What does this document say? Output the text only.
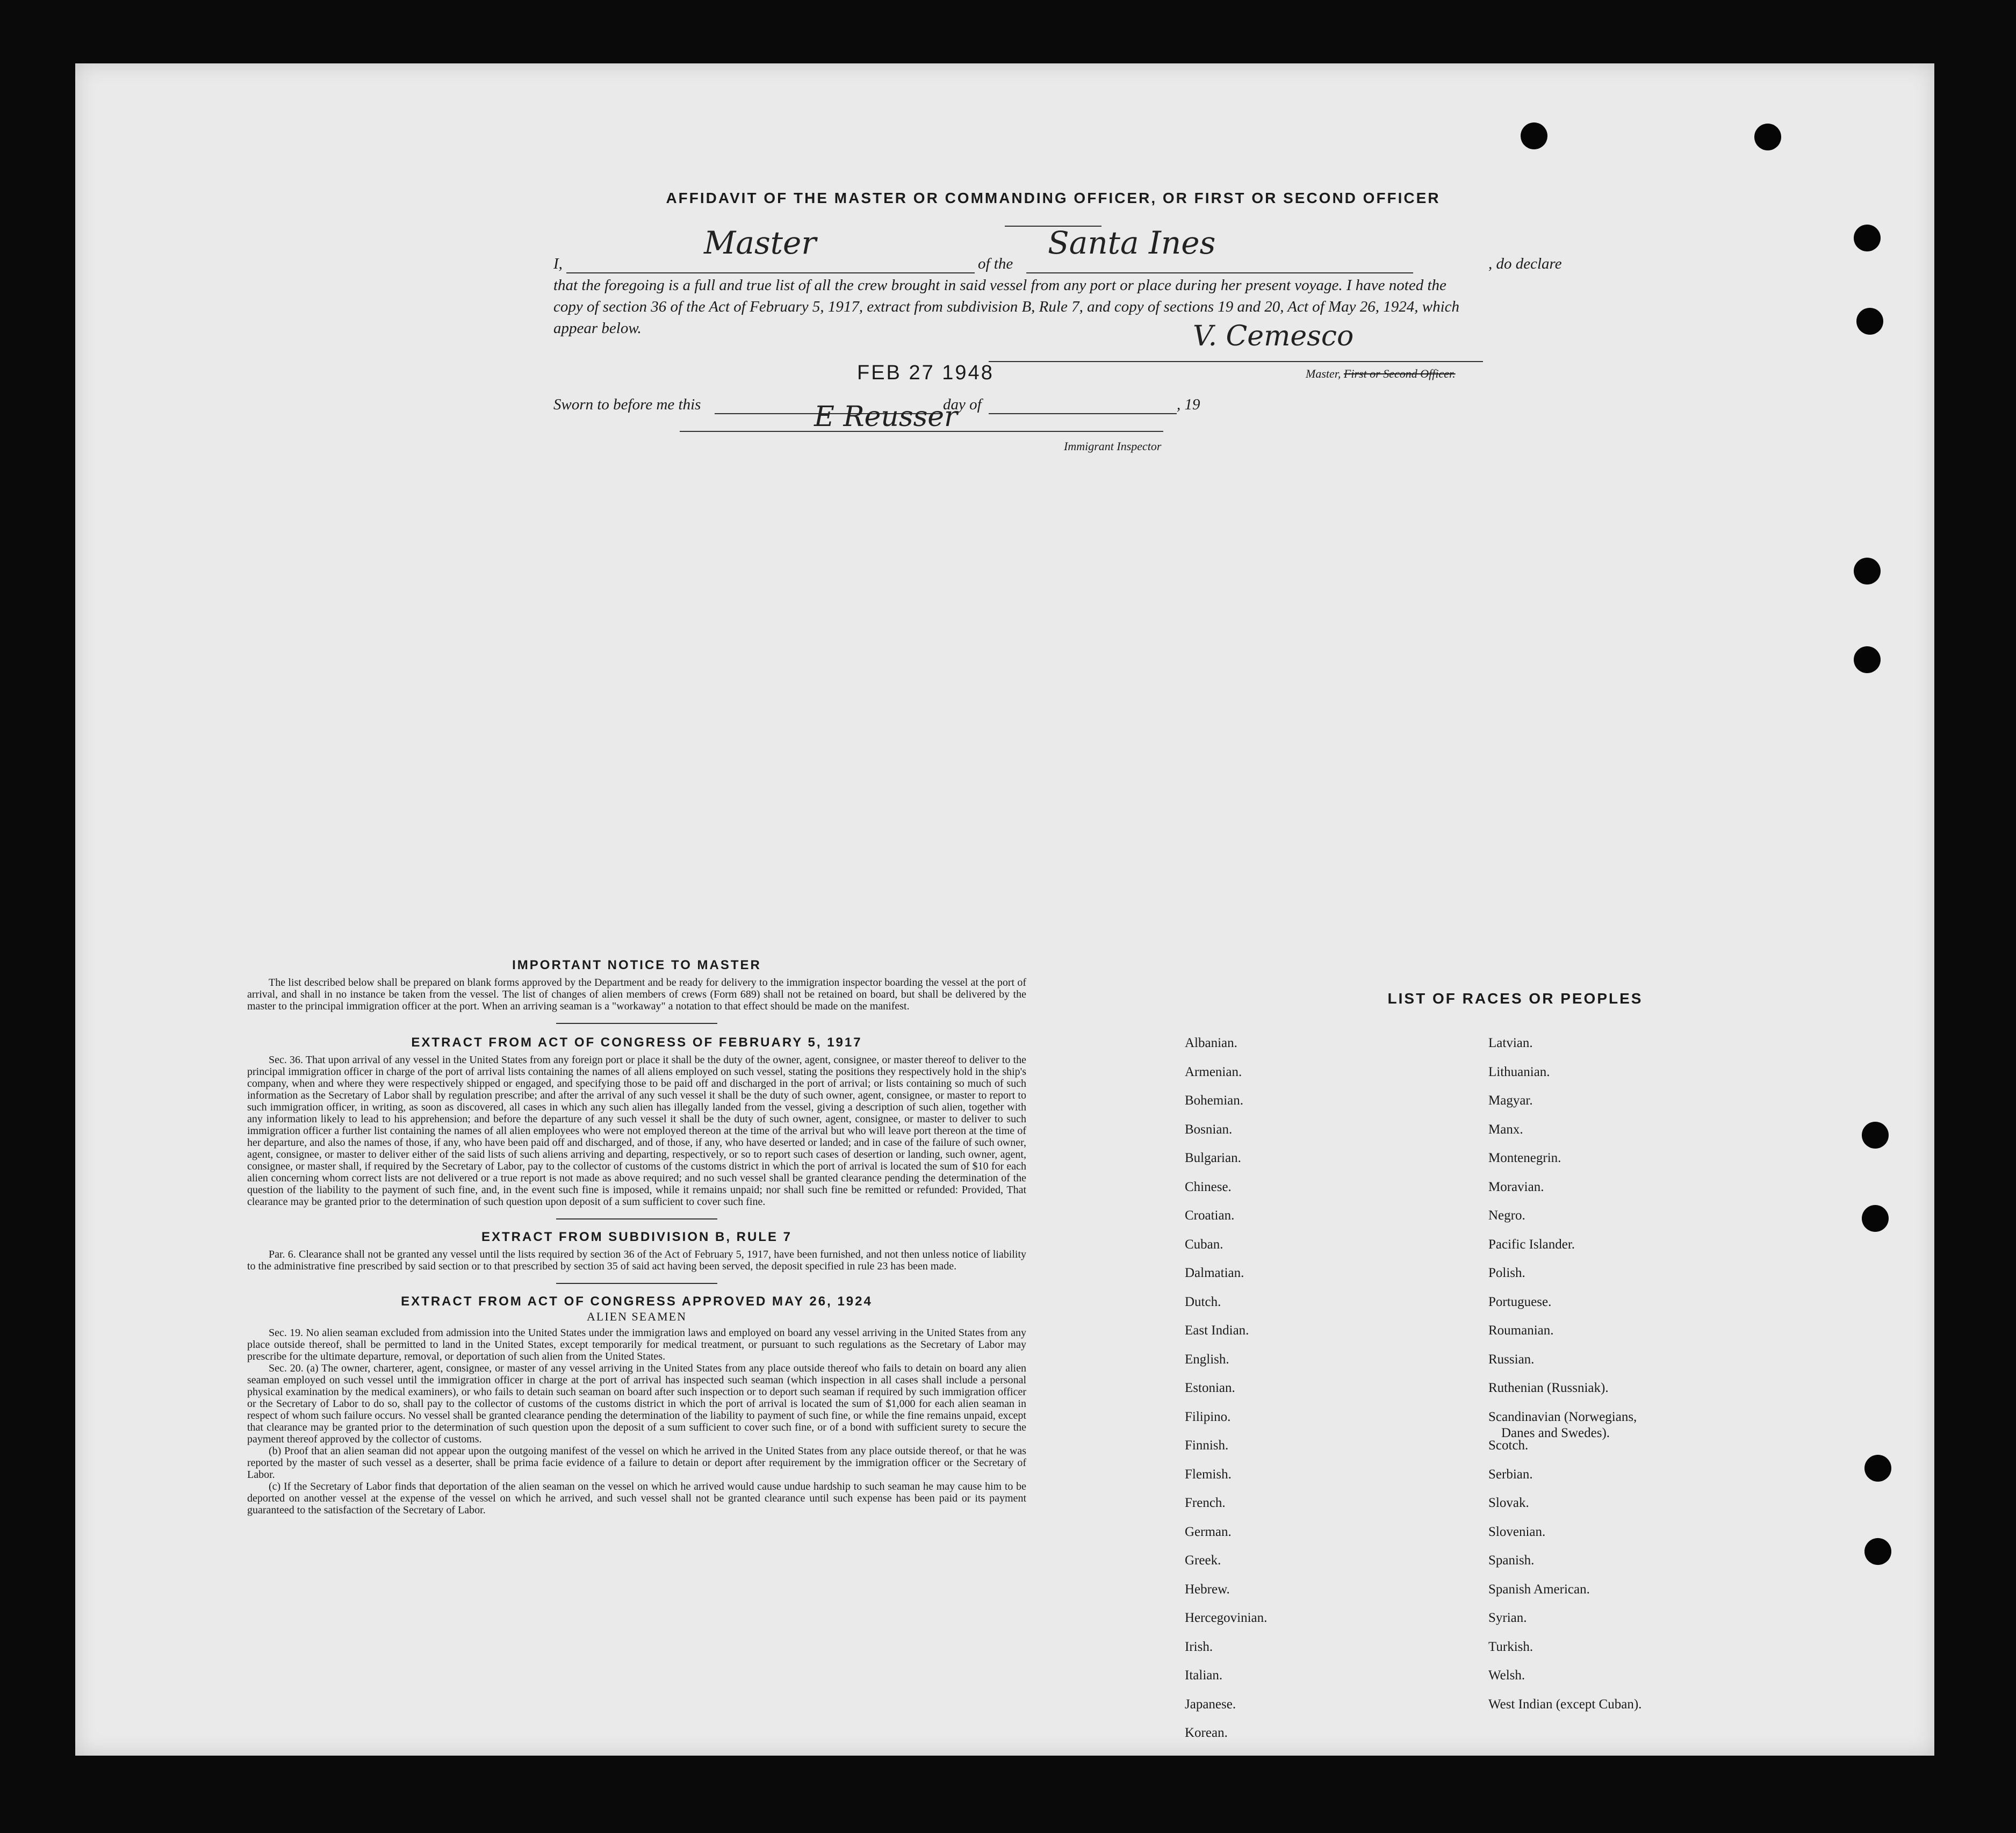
AFFIDAVIT OF THE MASTER OR COMMANDING OFFICER, OR FIRST OR SECOND OFFICER
I,	of the	, do declare
that the foregoing is a full and true list of all the crew brought in said vessel from any port or place during her present voyage. I have noted the
copy of section 36 of the Act of February 5, 1917, extract from subdivision B, Rule 7, and copy of sections 19 and 20, Act of May 26, 1924, which
appear below.
Master	Santa Ines
FEB 27 1948
V. Cemesco
Master, First or Second Officer.
Sworn to before me this	day of	, 19
E Reusser
Immigrant Inspector
IMPORTANT NOTICE TO MASTER
The list described below shall be prepared on blank forms approved by the Department and be ready for delivery to the immigration inspector boarding the vessel at the port of arrival, and shall in no instance be taken from the vessel. The list of changes of alien members of crews (Form 689) shall not be retained on board, but shall be delivered by the master to the principal immigration officer at the port. When an arriving seaman is a "workaway" a notation to that effect should be made on the manifest.
EXTRACT FROM ACT OF CONGRESS OF FEBRUARY 5, 1917
Sec. 36. That upon arrival of any vessel in the United States from any foreign port or place it shall be the duty of the owner, agent, consignee, or master thereof to deliver to the principal immigration officer in charge of the port of arrival lists containing the names of all aliens employed on such vessel, stating the positions they respectively hold in the ship's company, when and where they were respectively shipped or engaged, and specifying those to be paid off and discharged in the port of arrival; or lists containing so much of such information as the Secretary of Labor shall by regulation prescribe; and after the arrival of any such vessel it shall be the duty of such owner, agent, consignee, or master to report to such immigration officer, in writing, as soon as discovered, all cases in which any such alien has illegally landed from the vessel, giving a description of such alien, together with any information likely to lead to his apprehension; and before the departure of any such vessel it shall be the duty of such owner, agent, consignee, or master to deliver to such immigration officer a further list containing the names of all alien employees who were not employed thereon at the time of the arrival but who will leave port thereon at the time of her departure, and also the names of those, if any, who have been paid off and discharged, and of those, if any, who have deserted or landed; and in case of the failure of such owner, agent, consignee, or master to deliver either of the said lists of such aliens arriving and departing, respectively, or so to report such cases of desertion or landing, such owner, agent, consignee, or master shall, if required by the Secretary of Labor, pay to the collector of customs of the customs district in which the port of arrival is located the sum of $10 for each alien concerning whom correct lists are not delivered or a true report is not made as above required; and no such vessel shall be granted clearance pending the determination of the question of the liability to the payment of such fine, and, in the event such fine is imposed, while it remains unpaid; nor shall such fine be remitted or refunded: Provided, That clearance may be granted prior to the determination of such question upon deposit of a sum sufficient to cover such fine.
EXTRACT FROM SUBDIVISION B, RULE 7
Par. 6. Clearance shall not be granted any vessel until the lists required by section 36 of the Act of February 5, 1917, have been furnished, and not then unless notice of liability to the administrative fine prescribed by said section or to that prescribed by section 35 of said act having been served, the deposit specified in rule 23 has been made.
EXTRACT FROM ACT OF CONGRESS APPROVED MAY 26, 1924
ALIEN SEAMEN
Sec. 19. No alien seaman excluded from admission into the United States under the immigration laws and employed on board any vessel arriving in the United States from any place outside thereof, shall be permitted to land in the United States, except temporarily for medical treatment, or pursuant to such regulations as the Secretary of Labor may prescribe for the ultimate departure, removal, or deportation of such alien from the United States.
Sec. 20. (a) The owner, charterer, agent, consignee, or master of any vessel arriving in the United States from any place outside thereof who fails to detain on board any alien seaman employed on such vessel until the immigration officer in charge at the port of arrival has inspected such seaman (which inspection in all cases shall include a personal physical examination by the medical examiners), or who fails to detain such seaman on board after such inspection or to deport such seaman if required by such immigration officer or the Secretary of Labor to do so, shall pay to the collector of customs of the customs district in which the port of arrival is located the sum of $1,000 for each alien seaman in respect of whom such failure occurs. No vessel shall be granted clearance pending the determination of the liability to payment of such fine, or while the fine remains unpaid, except that clearance may be granted prior to the determination of such question upon the deposit of a sum sufficient to cover such fine, or of a bond with sufficient surety to secure the payment thereof approved by the collector of customs.
(b) Proof that an alien seaman did not appear upon the outgoing manifest of the vessel on which he arrived in the United States from any place outside thereof, or that he was reported by the master of such vessel as a deserter, shall be prima facie evidence of a failure to detain or deport after requirement by the immigration officer or the Secretary of Labor.
(c) If the Secretary of Labor finds that deportation of the alien seaman on the vessel on which he arrived would cause undue hardship to such seaman he may cause him to be deported on another vessel at the expense of the vessel on which he arrived, and such vessel shall not be granted clearance until such expense has been paid or its payment guaranteed to the satisfaction of the Secretary of Labor.
LIST OF RACES OR PEOPLES
Albanian.
Armenian.
Bohemian.
Bosnian.
Bulgarian.
Chinese.
Croatian.
Cuban.
Dalmatian.
Dutch.
East Indian.
English.
Estonian.
Filipino.
Finnish.
Flemish.
French.
German.
Greek.
Hebrew.
Hercegovinian.
Irish.
Italian.
Japanese.
Korean.
Latvian.
Lithuanian.
Magyar.
Manx.
Montenegrin.
Moravian.
Negro.
Pacific Islander.
Polish.
Portuguese.
Roumanian.
Russian.
Ruthenian (Russniak).
Scandinavian (Norwegians,
Danes and Swedes).
Scotch.
Serbian.
Slovak.
Slovenian.
Spanish.
Spanish American.
Syrian.
Turkish.
Welsh.
West Indian (except Cuban).
